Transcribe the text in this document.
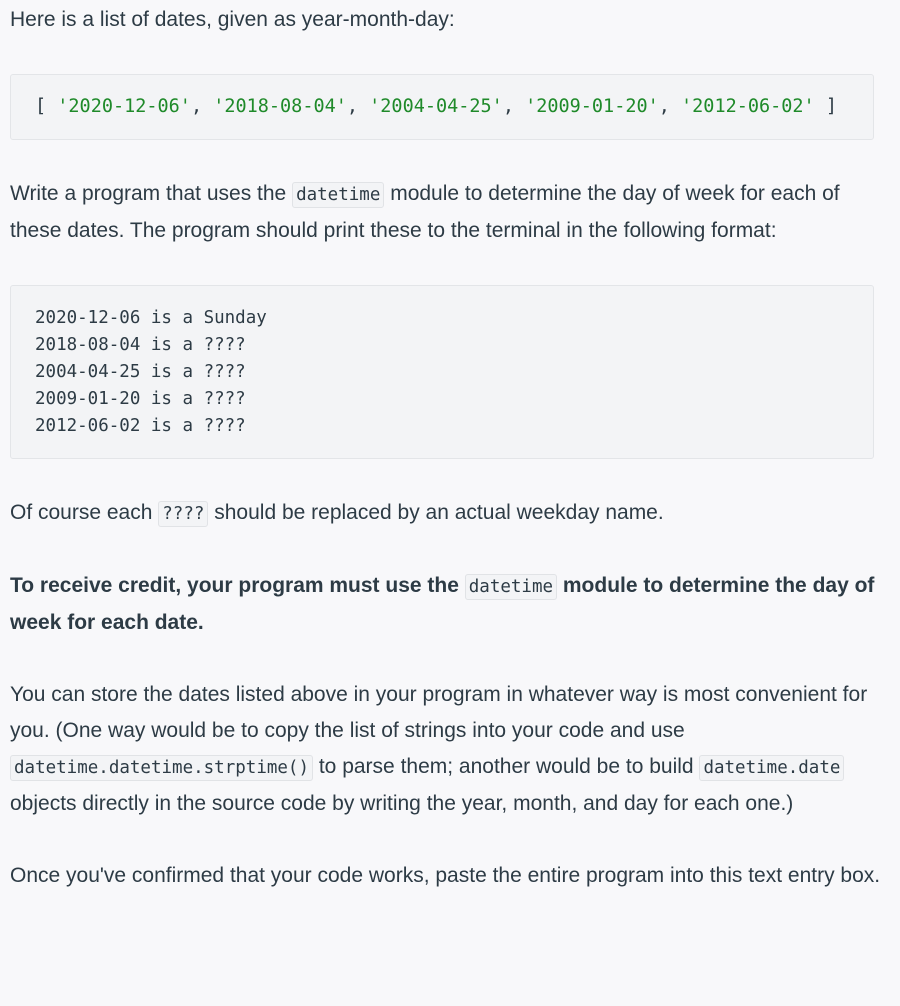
Here is a list of dates, given as year-month-day:

[ '2020-12-06', '2018-08-04', '2004-04-25', '2009-01-20', '2012-06-02' ]

Write a program that uses the datetime module to determine the day of week for each of these dates. The program should print these to the terminal in the following format:

2020-12-06 is a Sunday
2018-08-04 is a ????
2004-04-25 is a ????
2009-01-20 is a ????
2012-06-02 is a ????

Of course each ???? should be replaced by an actual weekday name.

To receive credit, your program must use the datetime module to determine the day of week for each date.

You can store the dates listed above in your program in whatever way is most convenient for you. (One way would be to copy the list of strings into your code and use datetime.datetime.strptime() to parse them; another would be to build datetime.date objects directly in the source code by writing the year, month, and day for each one.)

Once you've confirmed that your code works, paste the entire program into this text entry box.
